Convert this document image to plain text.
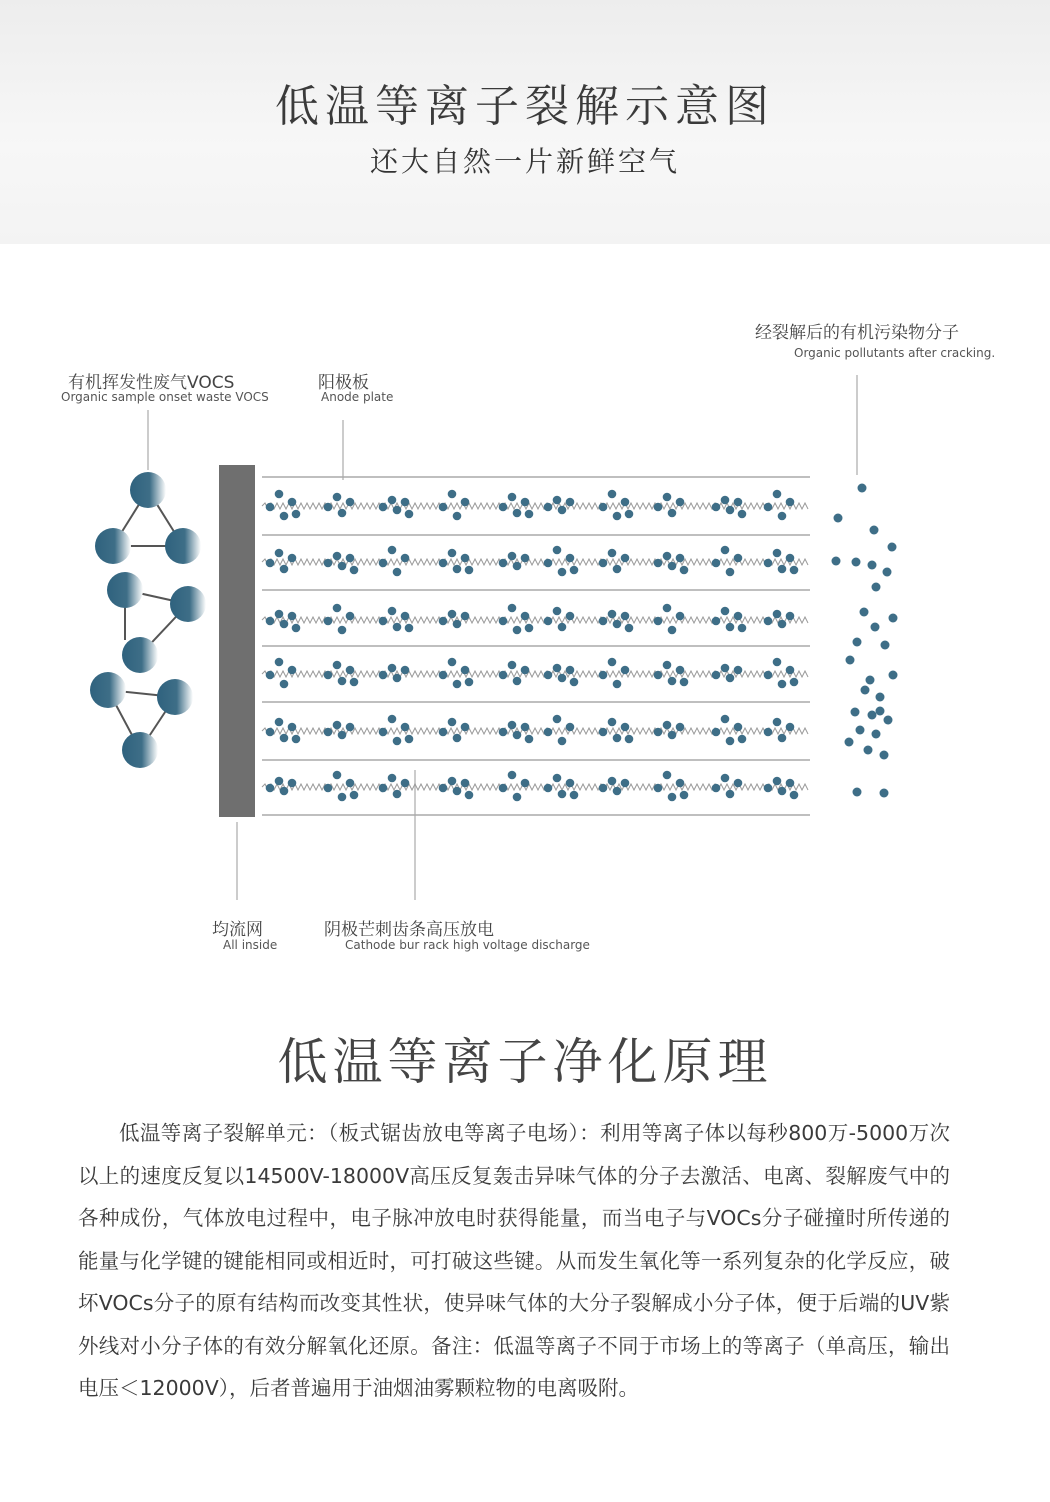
低温等离子裂解示意图
还大自然一片新鲜空气
有机挥发性废气VOCS
Organic sample onset waste VOCS
阳极板
Anode plate
经裂解后的有机污染物分子
Organic pollutants after cracking.
均流网
All inside
阴极芒刺齿条高压放电
Cathode bur rack high voltage discharge
低温等离子净化原理
低温等离子裂解单元：（板式锯齿放电等离子电场）：利用等离子体以每秒800万-5000万次以上的速度反复以14500V-18000V高压反复轰击异味气体的分子去激活、电离、裂解废气中的各种成份，气体放电过程中，电子脉冲放电时获得能量，而当电子与VOCs分子碰撞时所传递的能量与化学键的键能相同或相近时，可打破这些键。从而发生氧化等一系列复杂的化学反应，破坏VOCs分子的原有结构而改变其性状，使异味气体的大分子裂解成小分子体，便于后端的UV紫外线对小分子体的有效分解氧化还原。备注：低温等离子不同于市场上的等离子（单高压，输出电压＜12000V），后者普遍用于油烟油雾颗粒物的电离吸附。
